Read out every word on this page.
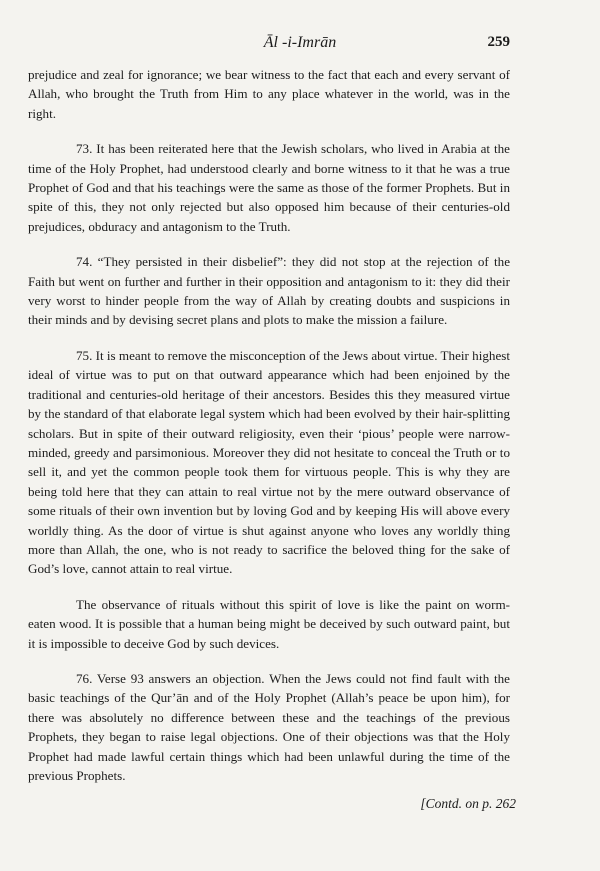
Āl -i-Imrān	259

prejudice and zeal for ignorance; we bear witness to the fact that each and every servant of Allah, who brought the Truth from Him to any place whatever in the world, was in the right.

73. It has been reiterated here that the Jewish scholars, who lived in Arabia at the time of the Holy Prophet, had understood clearly and borne witness to it that he was a true Prophet of God and that his teachings were the same as those of the former Prophets. But in spite of this, they not only rejected but also opposed him because of their centuries-old prejudices, obduracy and antagonism to the Truth.

74. “They persisted in their disbelief”: they did not stop at the rejection of the Faith but went on further and further in their opposition and antagonism to it: they did their very worst to hinder people from the way of Allah by creating doubts and suspicions in their minds and by devising secret plans and plots to make the mission a failure.

75. It is meant to remove the misconception of the Jews about virtue. Their highest ideal of virtue was to put on that outward appearance which had been enjoined by the traditional and centuries-old heritage of their ancestors. Besides this they measured virtue by the standard of that elaborate legal system which had been evolved by their hair-splitting scholars. But in spite of their outward religiosity, even their ‘pious’ people were narrow-minded, greedy and parsimonious. Moreover they did not hesitate to conceal the Truth or to sell it, and yet the common people took them for virtuous people. This is why they are being told here that they can attain to real virtue not by the mere outward observance of some rituals of their own invention but by loving God and by keeping His will above every worldly thing. As the door of virtue is shut against anyone who loves any worldly thing more than Allah, the one, who is not ready to sacrifice the beloved thing for the sake of God’s love, cannot attain to real virtue.

The observance of rituals without this spirit of love is like the paint on worm-eaten wood. It is possible that a human being might be deceived by such outward paint, but it is impossible to deceive God by such devices.

76. Verse 93 answers an objection. When the Jews could not find fault with the basic teachings of the Qur’ān and of the Holy Prophet (Allah’s peace be upon him), for there was absolutely no difference between these and the teachings of the previous Prophets, they began to raise legal objections. One of their objections was that the Holy Prophet had made lawful certain things which had been unlawful during the time of the previous Prophets.

[Contd. on p. 262
